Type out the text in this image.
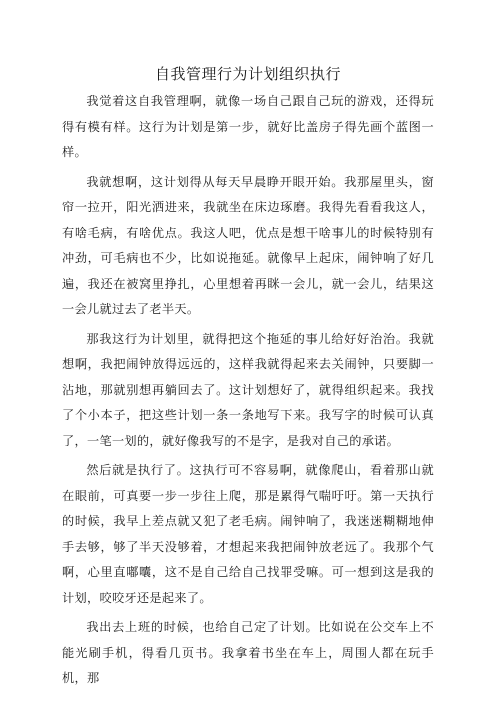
自我管理行为计划组织执行

我觉着这自我管理啊，就像一场自己跟自己玩的游戏，还得玩得有模有样。这行为计划是第一步，就好比盖房子得先画个蓝图一样。

我就想啊，这计划得从每天早晨睁开眼开始。我那屋里头，窗帘一拉开，阳光洒进来，我就坐在床边琢磨。我得先看看我这人，有啥毛病，有啥优点。我这人吧，优点是想干啥事儿的时候特别有冲劲，可毛病也不少，比如说拖延。就像早上起床，闹钟响了好几遍，我还在被窝里挣扎，心里想着再眯一会儿，就一会儿，结果这一会儿就过去了老半天。

那我这行为计划里，就得把这个拖延的事儿给好好治治。我就想啊，我把闹钟放得远远的，这样我就得起来去关闹钟，只要脚一沾地，那就别想再躺回去了。这计划想好了，就得组织起来。我找了个小本子，把这些计划一条一条地写下来。我写字的时候可认真了，一笔一划的，就好像我写的不是字，是我对自己的承诺。

然后就是执行了。这执行可不容易啊，就像爬山，看着那山就在眼前，可真要一步一步往上爬，那是累得气喘吁吁。第一天执行的时候，我早上差点就又犯了老毛病。闹钟响了，我迷迷糊糊地伸手去够，够了半天没够着，才想起来我把闹钟放老远了。我那个气啊，心里直嘟囔，这不是自己给自己找罪受嘛。可一想到这是我的计划，咬咬牙还是起来了。

我出去上班的时候，也给自己定了计划。比如说在公交车上不能光刷手机，得看几页书。我拿着书坐在车上，周围人都在玩手机，那
